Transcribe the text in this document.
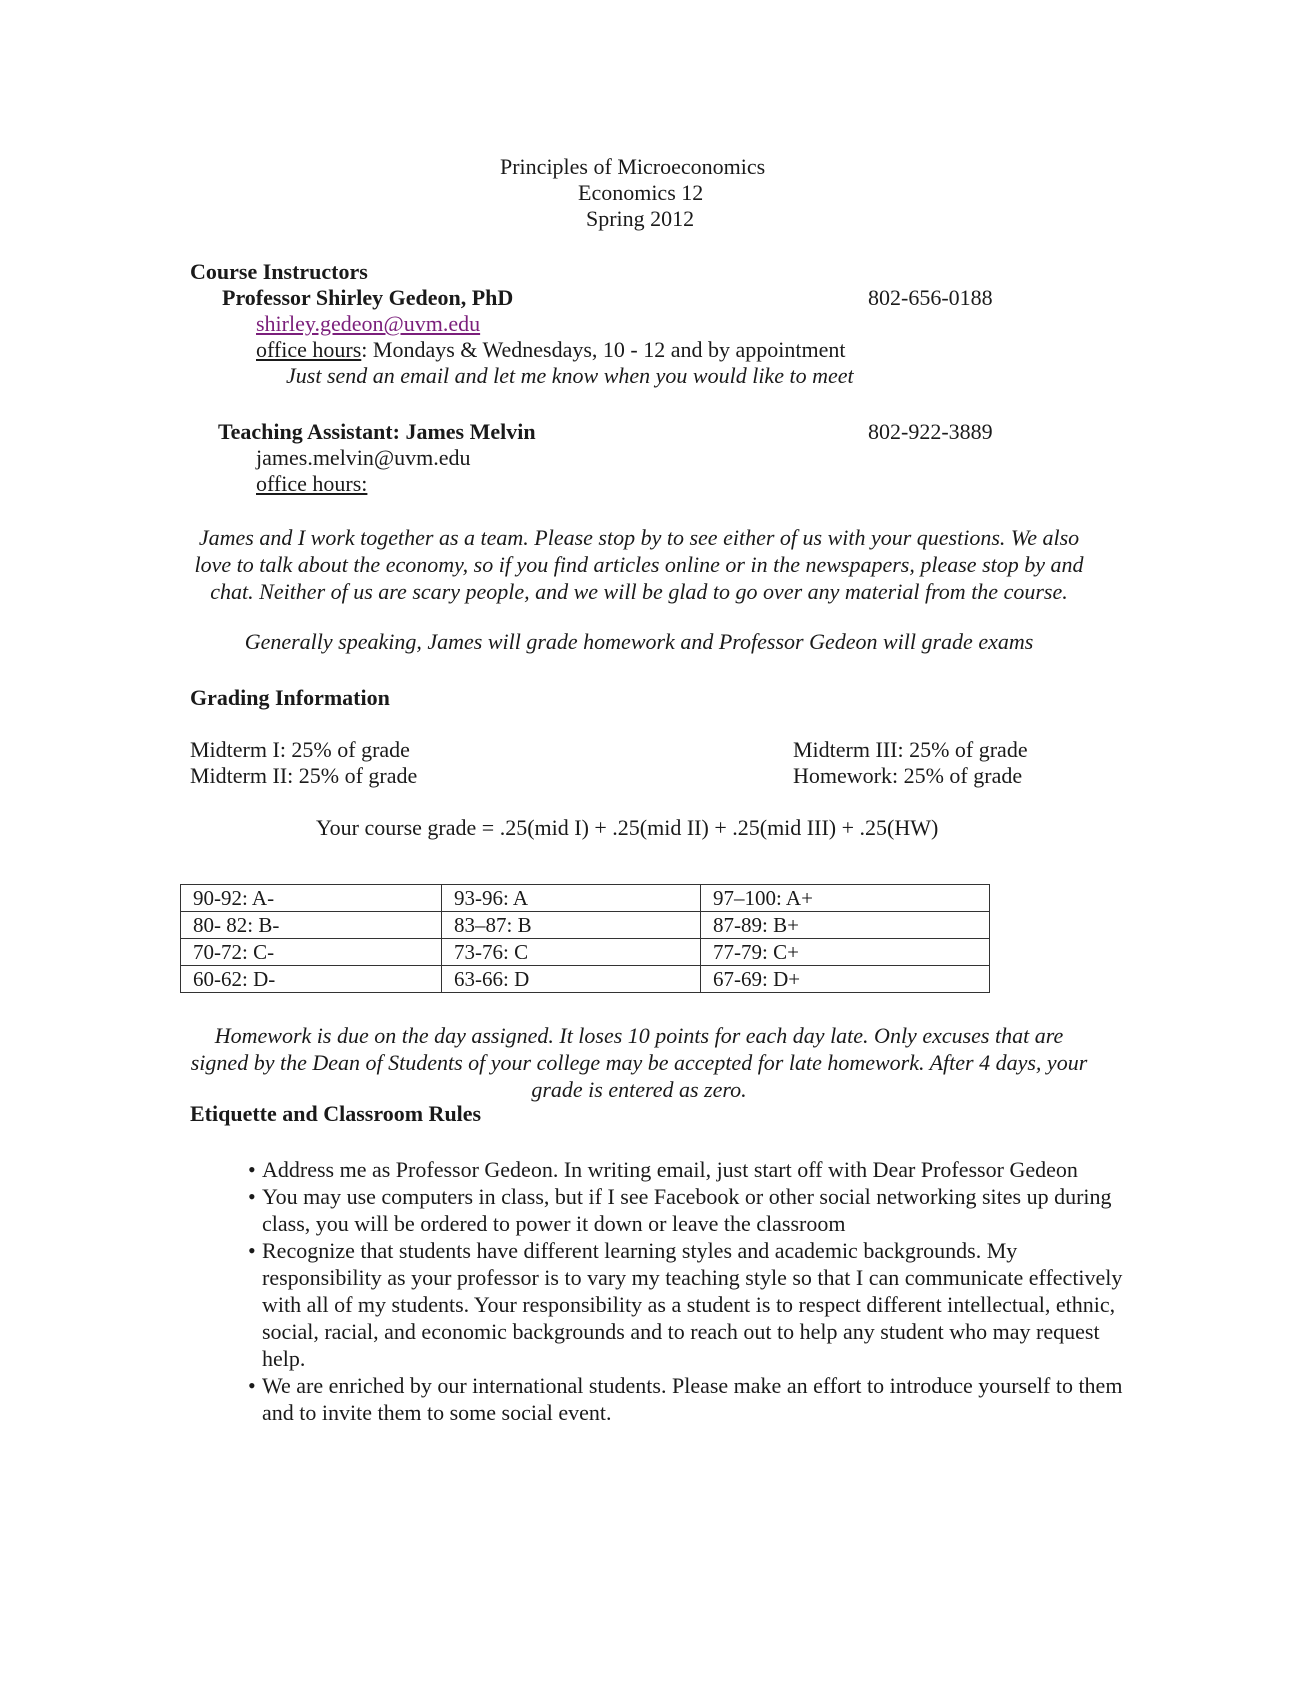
Principles of Microeconomics
Economics 12
Spring 2012
Course Instructors
Professor Shirley Gedeon, PhD	802-656-0188
shirley.gedeon@uvm.edu
office hours: Mondays & Wednesdays, 10 - 12 and by appointment
Just send an email and let me know when you would like to meet
Teaching Assistant: James Melvin	802-922-3889
james.melvin@uvm.edu
office hours:
James and I work together as a team. Please stop by to see either of us with your questions. We also love to talk about the economy, so if you find articles online or in the newspapers, please stop by and chat. Neither of us are scary people, and we will be glad to go over any material from the course.
Generally speaking, James will grade homework and Professor Gedeon will grade exams
Grading Information
Midterm I: 25% of grade
Midterm II: 25% of grade
Midterm III: 25% of grade
Homework: 25% of grade
Your course grade = .25(mid I) + .25(mid II) + .25(mid III) + .25(HW)
90-92: A-	93-96: A	97–100: A+
80- 82: B-	83–87: B	87-89: B+
70-72: C-	73-76: C	77-79: C+
60-62: D-	63-66: D	67-69: D+
Homework is due on the day assigned. It loses 10 points for each day late. Only excuses that are signed by the Dean of Students of your college may be accepted for late homework. After 4 days, your grade is entered as zero.
Etiquette and Classroom Rules
• Address me as Professor Gedeon. In writing email, just start off with Dear Professor Gedeon
• You may use computers in class, but if I see Facebook or other social networking sites up during class, you will be ordered to power it down or leave the classroom
• Recognize that students have different learning styles and academic backgrounds. My responsibility as your professor is to vary my teaching style so that I can communicate effectively with all of my students. Your responsibility as a student is to respect different intellectual, ethnic, social, racial, and economic backgrounds and to reach out to help any student who may request help.
• We are enriched by our international students. Please make an effort to introduce yourself to them and to invite them to some social event.
